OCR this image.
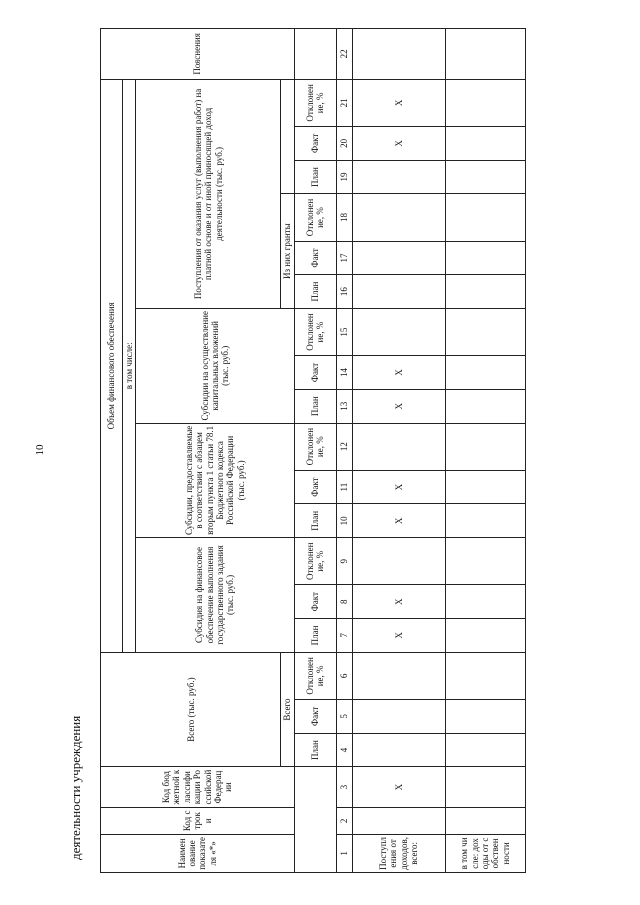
10
деятельности учреждения	Наименование показателя «*»	Код строки	Код бюджетной классификации Российской Федерации	Всего (тыс. руб.)			Объем финансового обеспечения															Пояснения
						в том числе:															
						Субсидия на финансовое обеспечение выполнения государственного задания (тыс. руб.)			Субсидии, предоставляемые в соответствии с абзацем вторым пункта 1 статьи 78.1 Бюджетного кодекса Российской Федерации (тыс. руб.)			Субсидии на осуществление капитальных вложений (тыс. руб.)			Поступления от оказания услуг (выполнения работ) на платной основе и от иной приносящей доход деятельности (тыс. руб.)						
			Всего												Из них гранты						
			План	Факт	Отклонение, %	План	Факт	Отклонение, %	План	Факт	Отклонение, %	План	Факт	Отклонение, %	План	Факт	Отклонение, %	План	Факт	Отклонение, %	
1	2	3	4	5	6	7	8	9	10	11	12	13	14	15	16	17	18	19	20	21	22
Поступления от доходов, всего:		X				X	X		X	X		X	X						X	X	
в том числе: доходы от собственности																					
